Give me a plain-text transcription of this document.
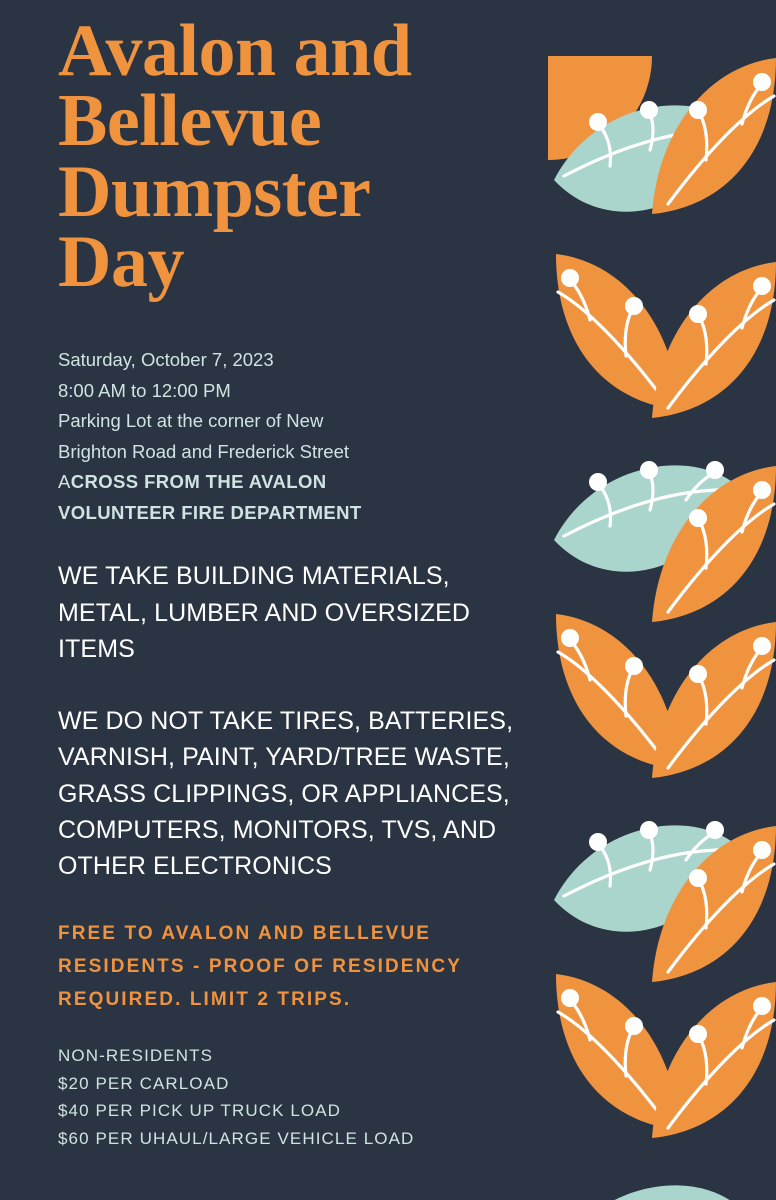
Avalon and Bellevue Dumpster Day
Saturday, October 7, 2023
8:00 AM to 12:00 PM
Parking Lot at the corner of New
Brighton Road and Frederick Street
ACROSS FROM THE AVALON
VOLUNTEER FIRE DEPARTMENT
WE TAKE BUILDING MATERIALS, METAL, LUMBER AND OVERSIZED ITEMS
WE DO NOT TAKE TIRES, BATTERIES, VARNISH, PAINT, YARD/TREE WASTE, GRASS CLIPPINGS, OR APPLIANCES, COMPUTERS, MONITORS, TVS, AND OTHER ELECTRONICS
FREE TO AVALON AND BELLEVUE RESIDENTS - PROOF OF RESIDENCY REQUIRED. LIMIT 2 TRIPS.
NON-RESIDENTS
$20 PER CARLOAD
$40 PER PICK UP TRUCK LOAD
$60 PER UHAUL/LARGE VEHICLE LOAD
